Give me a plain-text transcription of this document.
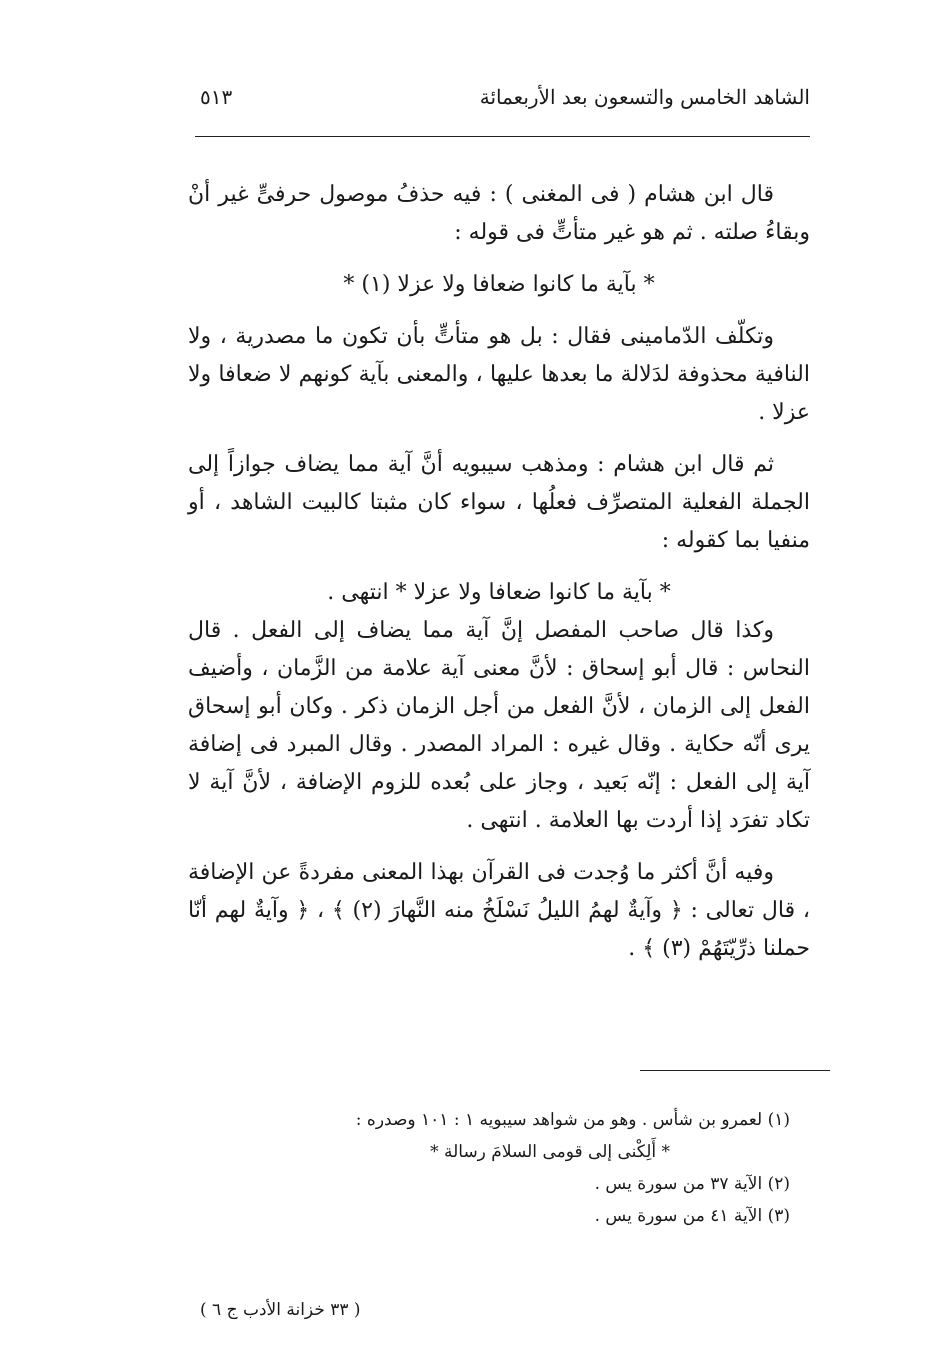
الشاهد الخامس والتسعون بعد الأربعمائة
٥١٣

قال ابن هشام ( فى المغنى ) : فيه حذفُ موصول حرفىٍّ غير أنْ وبقاءُ صلته . ثم هو غير متأتٍّ فى قوله :

* بآية ما كانوا ضعافا ولا عزلا (١) *

وتكلّف الدّمامينى فقال : بل هو متأتٍّ بأن تكون ما مصدرية ، ولا النافية محذوفة لدَلالة ما بعدها عليها ، والمعنى بآية كونهم لا ضعافا ولا عزلا .

ثم قال ابن هشام : ومذهب سيبويه أنَّ آية مما يضاف جوازاً إلى الجملة الفعلية المتصرِّف فعلُها ، سواء كان مثبتا كالبيت الشاهد ، أو منفيا بما كقوله :

* بآية ما كانوا ضعافا ولا عزلا * انتهى .

وكذا قال صاحب المفصل إنَّ آية مما يضاف إلى الفعل . قال النحاس : قال أبو إسحاق : لأنَّ معنى آية علامة من الزَّمان ، وأضيف الفعل إلى الزمان ، لأنَّ الفعل من أجل الزمان ذكر . وكان أبو إسحاق يرى أنّه حكاية . وقال غيره : المراد المصدر . وقال المبرد فى إضافة آية إلى الفعل : إنّه بَعيد ، وجاز على بُعده للزوم الإضافة ، لأنَّ آية لا تكاد تفرَد إذا أردت بها العلامة . انتهى .

وفيه أنَّ أكثر ما وُجدت فى القرآن بهذا المعنى مفردةً عن الإضافة ، قال تعالى : ﴿ وآيةٌ لهمُ الليلُ نَسْلَخُ منه النَّهارَ (٢) ﴾ ، ﴿ وآيةٌ لهم أنّا حملنا ذرِّيّتَهُمْ (٣) ﴾ .

(١) لعمرو بن شأس . وهو من شواهد سيبويه ١ : ١٠١ وصدره :
* أَلِكْنى إلى قومى السلامَ رسالة *
(٢) الآية ٣٧ من سورة يس .
(٣) الآية ٤١ من سورة يس .
( ٣٣ خزانة الأدب ج ٦ )
